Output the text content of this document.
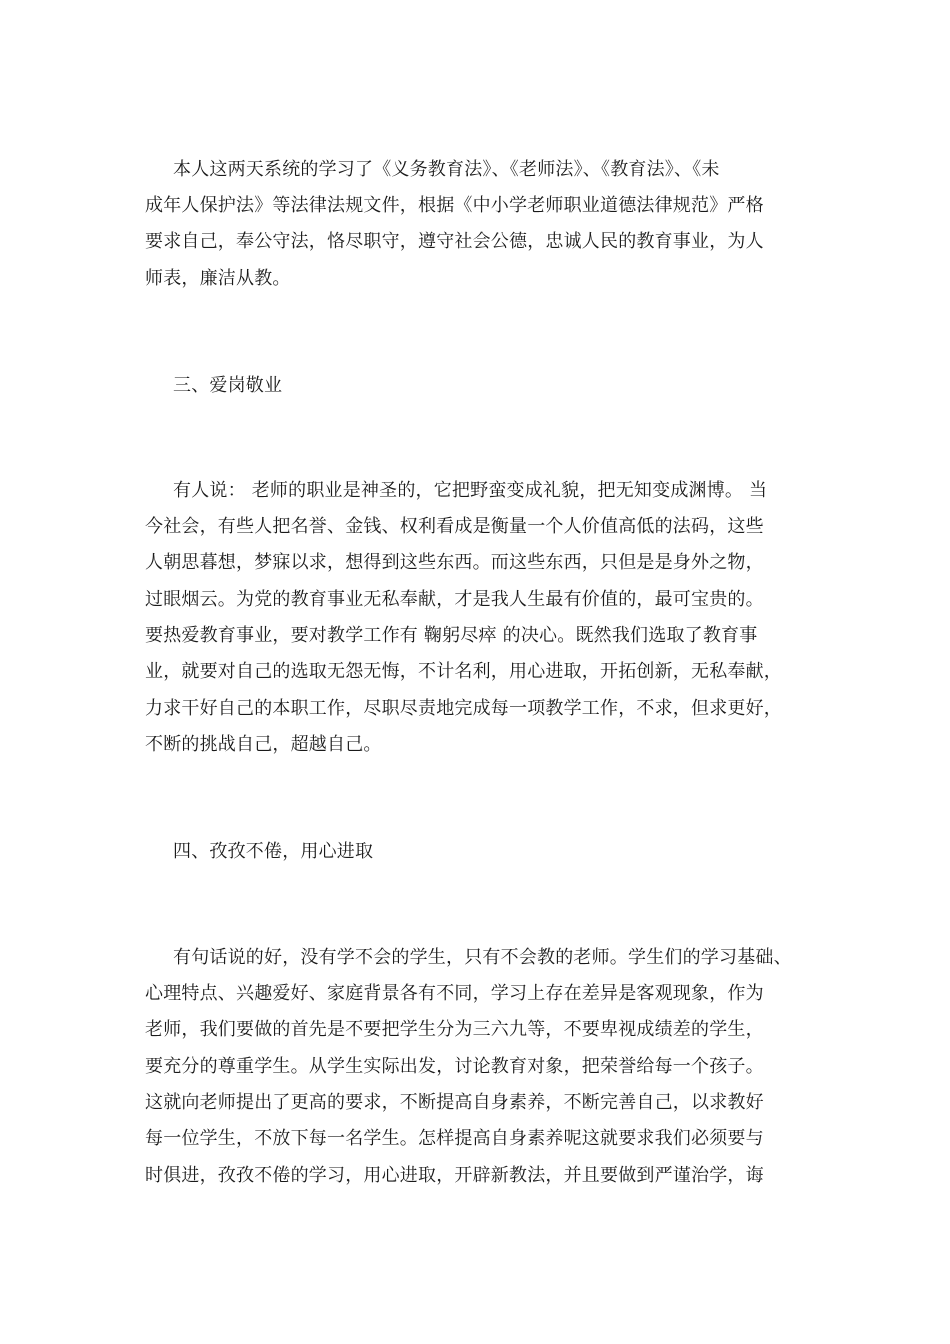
本人这两天系统的学习了《义务教育法》、《老师法》、《教育法》、《未
成年人保护法》等法律法规文件，根据《中小学老师职业道德法律规范》严格
要求自己，奉公守法，恪尽职守，遵守社会公德，忠诚人民的教育事业，为人
师表，廉洁从教。
三、爱岗敬业
有人说： 老师的职业是神圣的，它把野蛮变成礼貌，把无知变成渊博。 当
今社会，有些人把名誉、金钱、权利看成是衡量一个人价值高低的法码，这些
人朝思暮想，梦寐以求，想得到这些东西。而这些东西，只但是是身外之物，
过眼烟云。为党的教育事业无私奉献，才是我人生最有价值的，最可宝贵的。
要热爱教育事业，要对教学工作有 鞠躬尽瘁 的决心。既然我们选取了教育事
业，就要对自己的选取无怨无悔，不计名利，用心进取，开拓创新，无私奉献，
力求干好自己的本职工作，尽职尽责地完成每一项教学工作，不求，但求更好，
不断的挑战自己，超越自己。
四、孜孜不倦，用心进取
有句话说的好，没有学不会的学生，只有不会教的老师。学生们的学习基础、
心理特点、兴趣爱好、家庭背景各有不同，学习上存在差异是客观现象，作为
老师，我们要做的首先是不要把学生分为三六九等，不要卑视成绩差的学生，
要充分的尊重学生。从学生实际出发，讨论教育对象，把荣誉给每一个孩子。
这就向老师提出了更高的要求，不断提高自身素养，不断完善自己，以求教好
每一位学生，不放下每一名学生。怎样提高自身素养呢这就要求我们必须要与
时俱进，孜孜不倦的学习，用心进取，开辟新教法，并且要做到严谨治学，诲
